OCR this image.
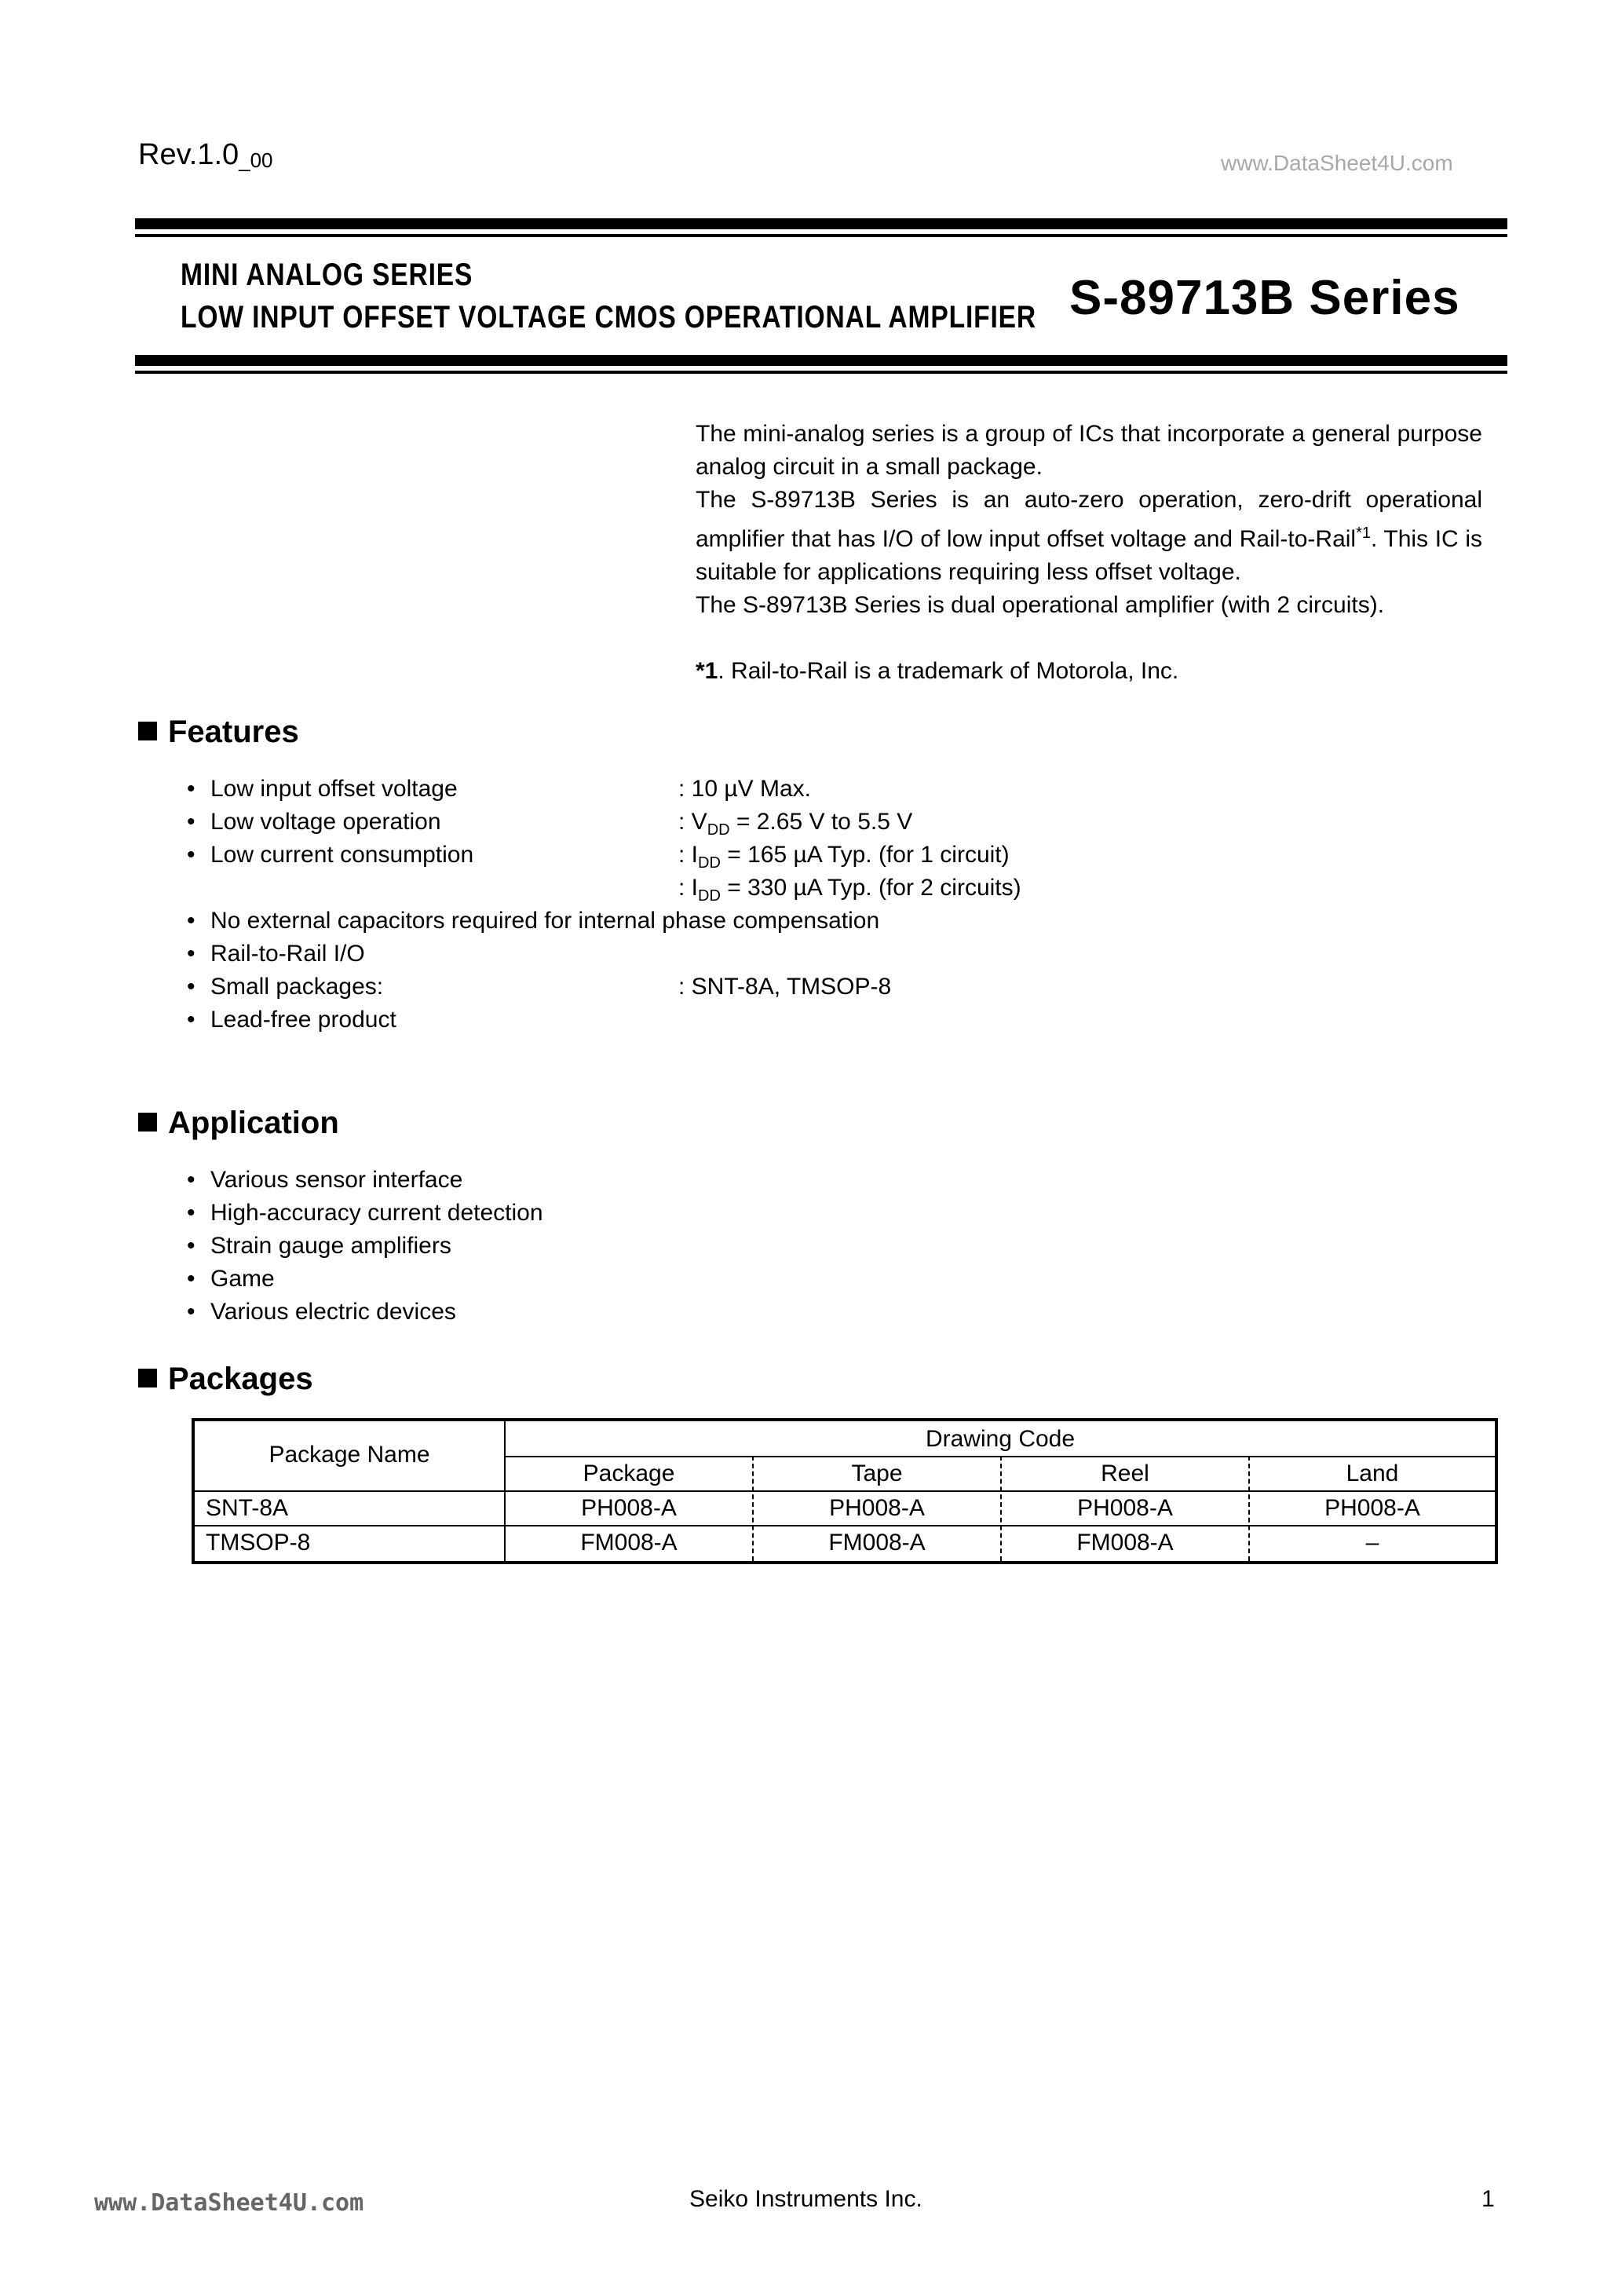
$Rev.1.0_{\_00}$	www.DataSheet4U.com
MINI ANALOG SERIES
LOW INPUT OFFSET VOLTAGE CMOS OPERATIONAL AMPLIFIER S-89713B Series

The mini-analog series is a group of ICs that incorporate a general purpose analog circuit in a small package.

The S-89713B Series is an auto-zero operation, zero-drift operational amplifier that has I/O of low input offset voltage and Rail-to-Rail$^{*1}$. This IC is suitable for applications requiring less offset voltage.

The S-89713B Series is dual operational amplifier (with 2 circuits).

*1. Rail-to-Rail is a trademark of Motorola, Inc.

Features
• Low input offset voltage	: 10 µV Max.
• Low voltage operation	: $V_{DD} = 2.65$ V to 5.5 V
• Low current consumption	: $I_{DD} = 165$ µA Typ. (for 1 circuit)
: $I_{DD} = 330$ µA Typ. (for 2 circuits)
• No external capacitors required for internal phase compensation
• Rail-to-Rail I/O
• Small packages:	: SNT-8A, TMSOP-8
• Lead-free product
Application
• Various sensor interface
• High-accuracy current detection
• Strain gauge amplifiers
• Game
• Various electric devices
Packages
Package Name
Drawing Code
Package	Tape	Reel	Land
SNT-8A	PH008-A	PH008-A	PH008-A	PH008-A
TMSOP-8	FM008-A	FM008-A	FM008-A	–
www.DataSheet4U.com	Seiko Instruments Inc.	1
